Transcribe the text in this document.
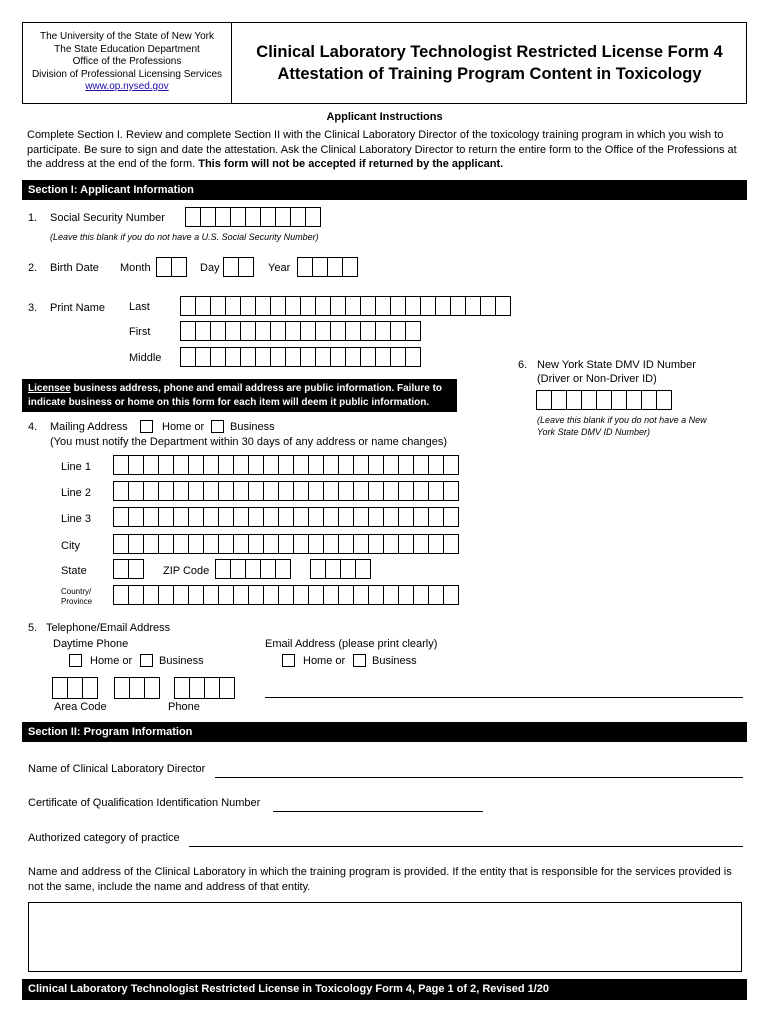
The University of the State of New York
The State Education Department
Office of the Professions
Division of Professional Licensing Services
www.op.nysed.gov
Clinical Laboratory Technologist Restricted License Form 4
Attestation of Training Program Content in Toxicology
Applicant Instructions
Complete Section I. Review and complete Section II with the Clinical Laboratory Director of the toxicology training program in which you wish to participate. Be sure to sign and date the attestation. Ask the Clinical Laboratory Director to return the entire form to the Office of the Professions at the address at the end of the form. This form will not be accepted if returned by the applicant.
Section I: Applicant Information
1. Social Security Number
(Leave this blank if you do not have a U.S. Social Security Number)
2. Birth Date Month	Day	Year
3. Print Name Last
First
Middle
Licensee business address, phone and email address are public information. Failure to indicate business or home on this form for each item will deem it public information.
6. New York State DMV ID Number
(Driver or Non-Driver ID)
(Leave this blank if you do not have a New York State DMV ID Number)
4. Mailing Address	Home or Business
(You must notify the Department within 30 days of any address or name changes)
Line 1
Line 2
Line 3
City
State	ZIP Code
Country/
Province
5. Telephone/Email Address
Daytime Phone
Home or Business
Email Address (please print clearly)
Home or Business
Area Code	Phone
Section II: Program Information
Name of Clinical Laboratory Director
Certificate of Qualification Identification Number
Authorized category of practice
Name and address of the Clinical Laboratory in which the training program is provided. If the entity that is responsible for the services provided is not the same, include the name and address of that entity.
Clinical Laboratory Technologist Restricted License in Toxicology Form 4, Page 1 of 2, Revised 1/20
